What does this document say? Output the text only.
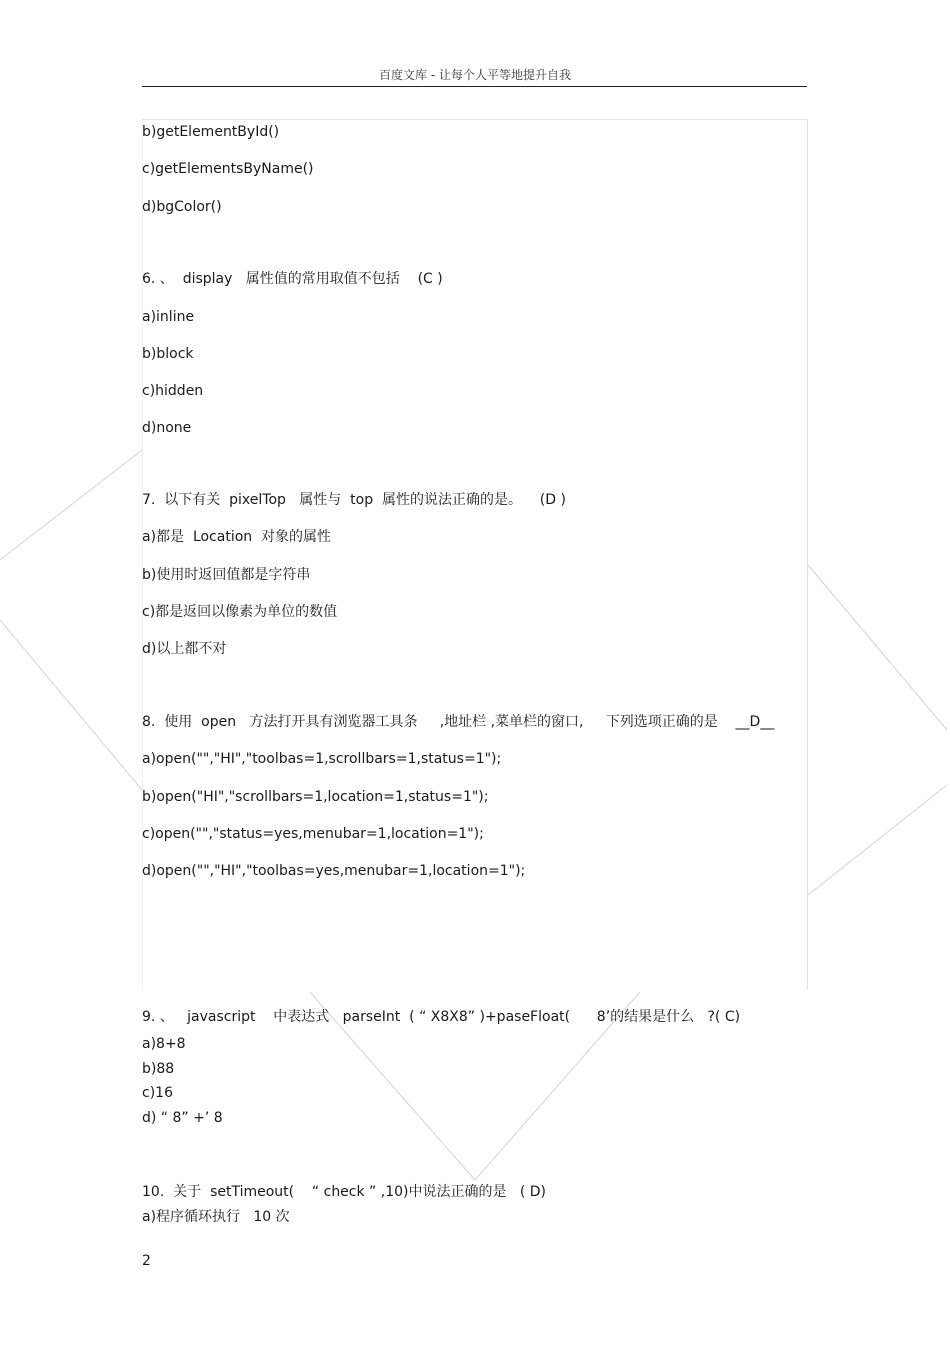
百度文库 - 让每个人平等地提升自我
b)getElementById()
c)getElementsByName()
d)bgColor()
6. 、  display   属性值的常用取值不包括    (C )
a)inline
b)block
c)hidden
d)none
7.  以下有关  pixelTop   属性与  top  属性的说法正确的是。    (D )
a)都是  Location  对象的属性
b)使用时返回值都是字符串
c)都是返回以像素为单位的数值
d)以上都不对
8.  使用  open   方法打开具有浏览器工具条     ,地址栏 ,菜单栏的窗口,     下列选项正确的是    __D__
a)open("","HI","toolbas=1,scrollbars=1,status=1");
b)open("HI","scrollbars=1,location=1,status=1");
c)open("","status=yes,menubar=1,location=1");
d)open("","HI","toolbas=yes,menubar=1,location=1");
9. 、   javascript    中表达式   parseInt  ( “ X8X8” )+paseFloat(      8’的结果是什么   ?( C)
a)8+8
b)88
c)16
d) “ 8” +’ 8
10.  关于  setTimeout(    “ check ” ,10)中说法正确的是   ( D)
a)程序循环执行   10 次
2
